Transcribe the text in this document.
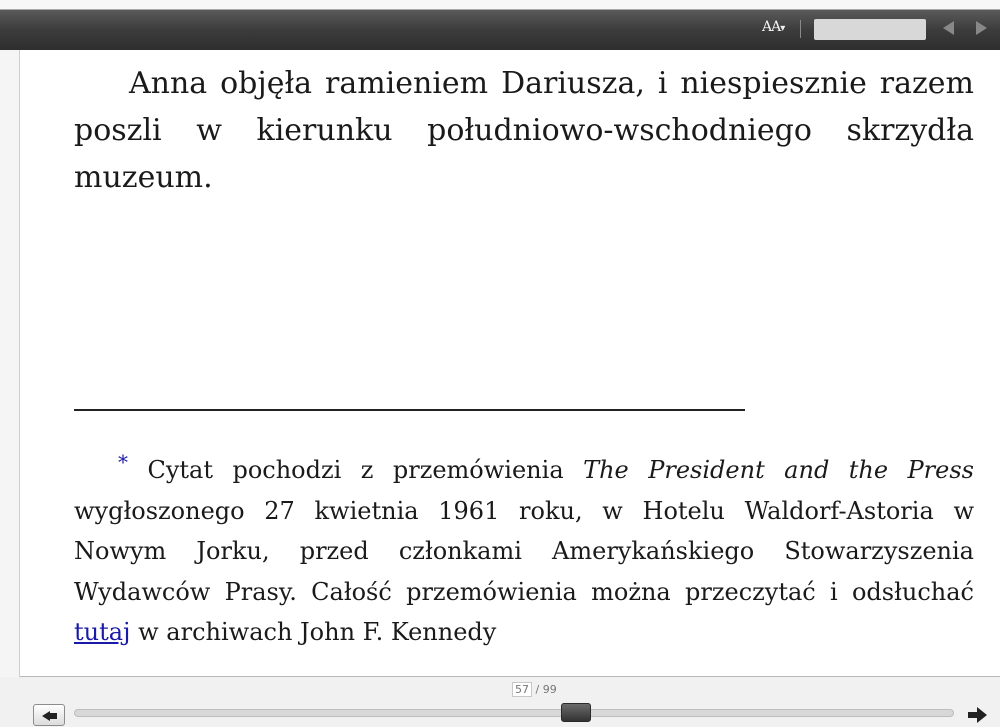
AA▾

Anna objęła ramieniem Dariusza, i niespiesznie razem poszli w kierunku południowo-wschodniego skrzydła muzeum.

* Cytat pochodzi z przemówienia The President and the Press wygłoszonego 27 kwietnia 1961 roku, w Hotelu Waldorf-Astoria w Nowym Jorku, przed członkami Amerykańskiego Stowarzyszenia Wydawców Prasy. Całość przemówienia można przeczytać i odsłuchać tutaj w archiwach John F. Kennedy

57 / 99
